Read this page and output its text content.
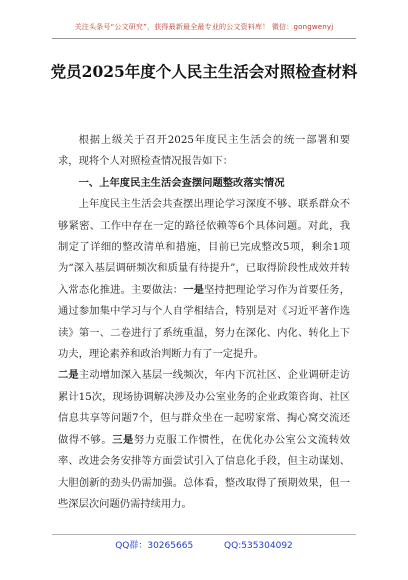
关注头条号“公文研究”，获得最新最全最专业的公文资料库！ 微信：gongwenyj
党员2025年度个人民主生活会对照检查材料

根据上级关于召开2025年度民主生活会的统一部署和要求，现将个人对照检查情况报告如下：

一、上年度民主生活会查摆问题整改落实情况

上年度民主生活会共查摆出理论学习深度不够、联系群众不够紧密、工作中存在一定的路径依赖等6个具体问题。对此，我制定了详细的整改清单和措施，目前已完成整改5项，剩余1项为“深入基层调研频次和质量有待提升”，已取得阶段性成效并转入常态化推进。主要做法：一是坚持把理论学习作为首要任务，通过参加集中学习与个人自学相结合，特别是对《习近平著作选读》第一、二卷进行了系统重温，努力在深化、内化、转化上下功夫，理论素养和政治判断力有了一定提升。

二是主动增加深入基层一线频次，年内下沉社区、企业调研走访累计15次，现场协调解决涉及办公室业务的企业政策咨询、社区信息共享等问题7个，但与群众坐在一起唠家常、掏心窝交流还做得不够。三是努力克服工作惯性，在优化办公室公文流转效率、改进会务安排等方面尝试引入了信息化手段，但主动谋划、大胆创新的劲头仍需加强。总体看，整改取得了预期效果，但一些深层次问题仍需持续用力。

QQ群：30265665	QQ:535304092
